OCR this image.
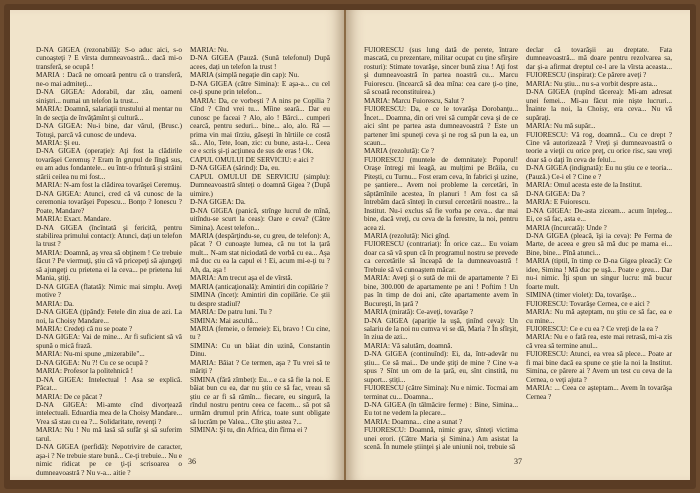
D-NA GIGEA (rezonabilă): S-o aduc aici, s-o cunoaşteţi ? E vîrsta dumneavoastră... dacă mi-o transferă, se ocupă !

MARIA : Dacă ne omoară pentru că o transferă, ne-o mai admiteţi...

D-NA GIGEA: Adorabil, dar zău, oameni siniştri... numai un telefon la trust...

MARIA: Doamnă, salariaţii trustului al mentar nu în de secţia de învăţămînt şi cultură...

D-NA GIGEA: Nu-i bine, dar vărul, (Brusc.) Totuşi, parcă vă cunosc de undeva.

MARIA: Şi eu.

D-NA GIGEA (operaţie): Aţi fost la clădirile tovarăşei Ceremuş ? Eram în grupul de lîngă sus, eu am adus fondantele... eu într-o frîntură şi străini stării ceilea nu mi fost...

MARIA: N-am fost la clădirea tovarăşei Ceremuş.

D-NA GIGEA: Atunci, cred că vă cunosc de la ceremonia tovarăşei Popescu... Bonţo ? Ionescu ? Poate, Mandare?

MARIA: Exact. Mandare.

D-NA GIGEA (încîntată şi fericită, pentru stabilirea primului contact): Atunci, dați un telefon la trust ?

MARIA: Doamnă, aş vrea să obţinem ! Ce trebuie făcut ? Pe viermuţi, ştiu că vă pricepeţi să ajungeţi să ajungeţi cu prietena ei la ceva... pe prietena lui Mania, ştiţi.

D-NA GIGEA (flatată): Nimic mai simplu. Aveţi motive ?

MARIA: Da.

D-NA GIGEA (ţipând): Fetele din ziua de azi. La noi, la Choisy Mandare...

MARIA: Credeţi că nu se poate ?

D-NA GIGEA: Vai de mine... Ar fi suficient să vă spună o mică frază.

MARIA: Nu-mi spune „mizerabile"...

D-NA GIGEA: Nu ?! Cu ce se ocupă ?

MARIA: Profesor la politehnică !

D-NA GIGEA: Intelectual ! Asa se explică. Păcat...

MARIA: De ce păcat ?

D-NA GIGEA: Mi-amte cînd divorţează intelectuali. Eduardia mea de la Choisy Mandare... Vrea să stau cu ea ?... Solidaritate, revenţi ?

MARIA: Nu ! Nu mă lasă să sufăr şi să suferim tarul.

D-NA GIGEA (perfidă): Nepotrivire de caracter, aşa-i ? Ne trebuie stare bună... Ce-ţi trebuie... Nu e nimic ridicat pe ce ţi-ţi scrisoarea o dumneavoastră ? Nu v-a... aitie ?

MARIA: Nu.

D-NA GIGEA (Pauză. (Sună telefonul) După acees, dați un telefon la trust !

MARIA (simplă negaţie din cap): Nu.

D-NA GIGEA (către Simina): E aşa-a... cu cel ce-ţi spune prin telefon...

MARIA: Da, ce vorbeşti ? A nins pe Copilia ? Cînd ? Cînd vrei tu... Mîine seară... Dar eu cunosc pe faceai ? Alo, alo ! Bărci... cumperi cearcă, pentru seduri... bine... alo, alo. Ră — prima vin mai tîrziu, găseşti în hîrtiile ce costă să... Alo, Tete, Ioan, zic: cu bune, asta-i... Ceea ce e scris şi-ţi acţiunea de sus de eras ! Ok.

CAPUL OMULUI DE SERVICIU: e aici ?

D-NA GIGEA (sărind): Da, eu.

CAPUL OMULUI DE SERVICIU (simplu): Dumneavoastră sînteți o doamnă Gigea ? (După uimire.)

D-NA GIGEA: Da.

D-NA GIGEA (panică, strînge lucrul de mînă, uitîndu-se scurt la ceas): Oare e ceva? (Către Simina). Acest telefon...

MARIA (despărţindu-se, cu greu, de telefon): A, păcat ? O cunoaşte lumea, că nu tot la ţară mult... N-am stat niciodată de vorbă cu ea... Aşa mă duc cu ea la capul ei ! Ei, acum mi-e-ţi tu ? Ah, da, aşa !

MARIA: Am trecut aşa el de vîrstă.

MARIA (anticaţională): Amintiri din copilărie ?

SIMINA (încet): Amintiri din copilărie. Ce ştii tu despre stadiul?

MARIA: De patru luni. Tu ?

SIMINA: Mai ascultă...

MARIA (femeie, o femeie): Ei, bravo ! Cu cine, tu ?

SIMINA: Cu un băiat din uzină, Constantin Dinu.

MARIA: Băiat ? Ce termen, aşa ? Tu vrei să te măriți ?

SIMINA (fără zîmbet): Eu... e ca să fie la noi. E băiat bun cu ea, dar nu ştiu ce să fac, vreau să ştiu ce ar fi să rămîn... fiecare, eu singură, la rîndul nostru pentru ceea ce facem... să pot să urmăm drumul prin Africa, toate sunt obligate să lucrăm pe Valea... Cîte ştiu astea ?...

SIMINA: Şi tu, din Africa, din fîrma ei ?

36

FUIORESCU (sus lung dată de perete, întrare mascată, cu prezentare, militar ocupat cu ţine sfîrşire rosturi): Stimate tovarăşe, sincer bună ziua ! Aţi fost şi dumneavoastră în partea noastră cu... Marcu Fuiorescu. (încearcă să dea mîna: cea care ţi-o ţine, să scoată reconstituirea.)

MARIA: Marcu Fuiorescu, Salut ?

FUIORESCU: Da, e ce le tovarăşa Dorobanţu... Încet... Doamna, din ori vrei să cumpăr ceva şi de ce aici sînt pe partea asta dumneavoastră ? Este un partener îmi spuneţi ceva şi ne rog să pun la ea, un scaun...

MARIA (rezolută): Ce ?

FUIORESCU (muntele de demnitate): Poporul! Oraşe întregi mi leagă, au mulțimi pe Brăila, cu Pitești, cu Turnu... Fost eram ceva, în fabrici şi uzine, pe șantiere... Avem noi probleme la cercetări, în săptămînile acestea, în planuri ! Am fost ca să întrebăm dacă sînteţi în cursul cercetării noastre... la Institut. Nu-i exclus să fie vorba pe ceva... dar mai bine, dacă vreţi, cu ceva de la ferestre, la noi, pentru acea zi.

MARIA (rezolută): Nici gînd.

FUIORESCU (contrariat): În orice caz... Eu voiam doar ca să vă spun că în programul nostru se prevede ca cercetările să înceapă de la dumneavoastră ! Trebuie să vă cunoaştem măcar.

MARIA: Aveţi şi o sută de mii de apartamente ? Ei bine, 300.000 de apartamente pe ani ! Poftim ! Un pas în timp de doi ani, câte apartamente avem în Bucureşti, în ţară ?

MARIA (mirată): Ce-aveţi, tovarăşe ?

D-NA GIGEA (apariție la uşă, ţinînd ceva): Un salariu de la noi nu cumva vi se dă, Maria ? În sfîrşit, în ziua de azi...

MARIA: Vă salutăm, doamnă.

D-NA GIGEA (continuînd): Ei, da, într-adevăr nu ştiu... Ce să mai... De unde ştiţi de mine ? Cine v-a spus ? Sînt un om de la ţară, eu, sînt cinstită, nu suport... știți...

FUIORESCU (către Simina): Nu e nimic. Tocmai am terminat cu... Doamna...

D-NA GIGEA (în tălmăcire ferme) : Bine, Simina... Eu tot ne vedem la plecare...

MARIA: Doamna... cine a sunat ?

FUIORESCU: Doamnă, nimic grav, sînteţi victima unei erori. (Către Maria şi Simina.) Am asistat la scenă. În numele ştiinţei şi ale uniunii noi, trebuie să

declar că tovarăşii au dreptate. Fata dumneavoastră... mă doare pentru rezolvarea sa, dar şi-a afirmat dreptul ce-l are la vîrsta aceasta... FUIORESCU (inspirat): Ce părere aveţi ?

MARIA: Nu ştiu... nu s-a vorbit despre asta...

D-NA GIGEA (rupînd tăcerea): Mi-am adresat unei femei... Mi-au făcut mie nişte lucruri... Înainte la noi, la Choisy, era ceva... Nu vă supăraţi.

MARIA: Nu mă supăr...

FUIORESCU: Vă rog, doamnă... Cu ce drept ? Cine vă autorizează ? Vreţi şi dumneavoastră o teorie a vieţii cu orice preţ, cu orice risc, sau vreţi doar să o daţi în ceva de felul...

D-NA GIGEA (indignată): Eu nu ştiu ce e teoria... (Pauză.) Ce-i el ? Cine e ?

MARIA: Omul acesta este de la Institut.

D-NA GIGEA: Da ?

MARIA: E Fuiorescu.

D-NA GIGEA: De-asta ziceam... acum înțeleg... Ei, ce să fac, asta e...

MARIA (încurcată): Unde ?

D-NA GIGEA (pleacă, îşi ia ceva): Pe Ferma de Marte, de aceea e greu să mă duc pe mama ei... Bine, bine... Pînă atunci...

MARIA (tiptil, în timp ce D-na Gigea pleacă): Ce idee, Simina ! Mă duc pe uşă... Poate e greu... Dar nu-i nimic. Îți spun un singur lucru: mă bucur foarte mult.

SIMINA (timer violet): Da, tovarăşe...

FUIORESCU: Tovarăşe Cernea, ce e aici ?

MARIA: Nu mă aşteptam, nu ştiu ce să fac, ea e cu mine...

FUIORESCU: Ce e cu ea ? Ce vreţi de la ea ?

MARIA: Nu e o fată rea, este mai retrasă, mi-a zis că vrea să termine anul...

FUIORESCU: Atunci, ea vrea să plece... Poate ar fi mai bine dacă ea spune ce ştie la noi la Institut. Simina, ce părere ai ? Avem un test cu ceva de la Cernea, o veţi ajuta ?

MARIA: ... Ceea ce aşteptam... Avem în tovarăşa Cernea ?

37
